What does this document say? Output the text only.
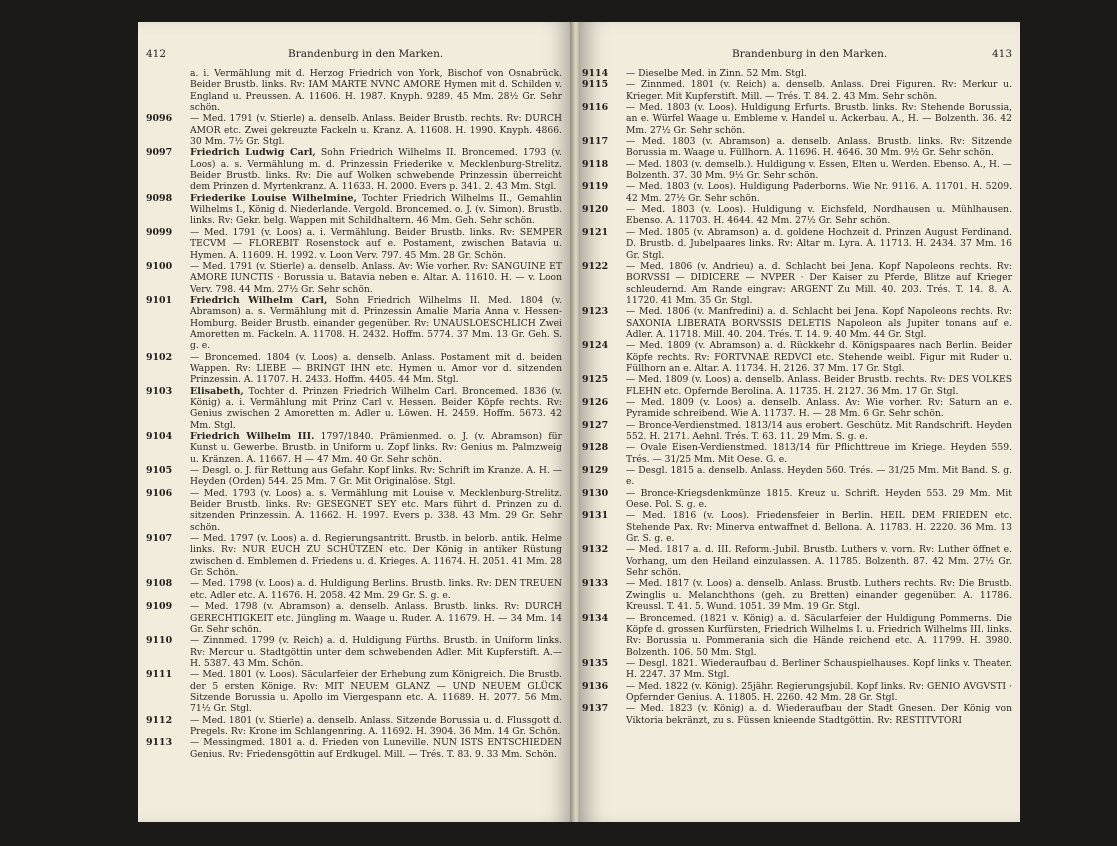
412	Brandenburg in den Marken.
a. i. Vermählung mit d. Herzog Friedrich von York, Bischof von Osnabrück. Beider Brustb. links. Rv: IAM MARTE NVNC AMORE Hymen mit d. Schilden v. England u. Preussen. A. 11606. H. 1987. Knyph. 9289. 45 Mm. 28½ Gr. Sehr schön.
9096 — Med. 1791 (v. Stierle) a. denselb. Anlass. Beider Brustb. rechts. Rv: DURCH AMOR etc. Zwei gekreuzte Fackeln u. Kranz. A. 11608. H. 1990. Knyph. 4866. 30 Mm. 7½ Gr. Stgl.
9097 Friedrich Ludwig Carl, Sohn Friedrich Wilhelms II. Broncemed. 1793 (v. Loos) a. s. Vermählung m. d. Prinzessin Friederike v. Mecklenburg-Strelitz. Beider Brustb. links. Rv: Die auf Wolken schwebende Prinzessin überreicht dem Prinzen d. Myrtenkranz. A. 11633. H. 2000. Evers p. 341. 2. 43 Mm. Stgl.
9098 Friederike Louise Wilhelmine, Tochter Friedrich Wilhelms II., Gemahlin Wilhelms I., König d. Niederlande. Vergold. Broncemed. o. J. (v. Simon). Brustb. links. Rv: Gekr. belg. Wappen mit Schildhaltern. 46 Mm. Geh. Sehr schön.
9099 — Med. 1791 (v. Loos) a. i. Vermählung. Beider Brustb. links. Rv: SEMPER TECVM — FLOREBIT Rosenstock auf e. Postament, zwischen Batavia u. Hymen. A. 11609. H. 1992. v. Loon Verv. 797. 45 Mm. 28 Gr. Schön.
9100 — Med. 1791 (v. Stierle) a. denselb. Anlass. Av: Wie vorher. Rv: SANGUINE ET AMORE IUNCTIS · Borussia u. Batavia neben e. Altar. A. 11610. H. — v. Loon Verv. 798. 44 Mm. 27½ Gr. Sehr schön.
9101 Friedrich Wilhelm Carl, Sohn Friedrich Wilhelms II. Med. 1804 (v. Abramson) a. s. Vermählung mit d. Prinzessin Amalie Maria Anna v. Hessen-Homburg. Beider Brustb. einander gegenüber. Rv: UNAUSLOESCHLICH Zwei Amoretten m. Fackeln. A. 11708. H. 2432. Hoffm. 5774. 37 Mm. 13 Gr. Geh. S. g. e.
9102 — Broncemed. 1804 (v. Loos) a. denselb. Anlass. Postament mit d. beiden Wappen. Rv: LIEBE — BRINGT IHN etc. Hymen u. Amor vor d. sitzenden Prinzessin. A. 11707. H. 2433. Hoffm. 4405. 44 Mm. Stgl.
9103 Elisabeth, Tochter d. Prinzen Friedrich Wilhelm Carl. Broncemed. 1836 (v. König) a. i. Vermählung mit Prinz Carl v. Hessen. Beider Köpfe rechts. Rv: Genius zwischen 2 Amoretten m. Adler u. Löwen. H. 2459. Hoffm. 5673. 42 Mm. Stgl.
9104 Friedrich Wilhelm III. 1797/1840. Prämienmed. o. J. (v. Abramson) für Kunst u. Gewerbe. Brustb. in Uniform u. Zopf links. Rv: Genius m. Palmzweig u. Kränzen. A. 11667. H — 47 Mm. 40 Gr. Sehr schön.
9105 — Desgl. o. J. für Rettung aus Gefahr. Kopf links. Rv: Schrift im Kranze. A. H. — Heyden (Orden) 544. 25 Mm. 7 Gr. Mit Originalöse. Stgl.
9106 — Med. 1793 (v. Loos) a. s. Vermählung mit Louise v. Mecklenburg-Strelitz. Beider Brustb. links. Rv: GESEGNET SEY etc. Mars führt d. Prinzen zu d. sitzenden Prinzessin. A. 11662. H. 1997. Evers p. 338. 43 Mm. 29 Gr. Sehr schön.
9107 — Med. 1797 (v. Loos) a. d. Regierungsantritt. Brustb. in belorb. antik. Helme links. Rv: NUR EUCH ZU SCHÜTZEN etc. Der König in antiker Rüstung zwischen d. Emblemen d. Friedens u. d. Krieges. A. 11674. H. 2051. 41 Mm. 28 Gr. Schön.
9108 — Med. 1798 (v. Loos) a. d. Huldigung Berlins. Brustb. links. Rv: DEN TREUEN etc. Adler etc. A. 11676. H. 2058. 42 Mm. 29 Gr. S. g. e.
9109 — Med. 1798 (v. Abramson) a. denselb. Anlass. Brustb. links. Rv: DURCH GERECHTIGKEIT etc. Jüngling m. Waage u. Ruder. A. 11679. H. — 34 Mm. 14 Gr. Sehr schön.
9110 — Zinnmed. 1799 (v. Reich) a. d. Huldigung Fürths. Brustb. in Uniform links. Rv: Mercur u. Stadtgöttin unter dem schwebenden Adler. Mit Kupferstift. A.— H. 5387. 43 Mm. Schön.
9111 — Med. 1801 (v. Loos). Säcularfeier der Erhebung zum Königreich. Die Brustb. der 5 ersten Könige. Rv: MIT NEUEM GLANZ — UND NEUEM GLÜCK Sitzende Borussia u. Apollo im Viergespann etc. A. 11689. H. 2077. 56 Mm. 71½ Gr. Stgl.
9112 — Med. 1801 (v. Stierle) a. denselb. Anlass. Sitzende Borussia u. d. Flussgott d. Pregels. Rv: Krone im Schlangenring. A. 11692. H. 3904. 36 Mm. 14 Gr. Schön.
9113 — Messingmed. 1801 a. d. Frieden von Luneville. NUN ISTS ENTSCHIEDEN Genius. Rv: Friedensgöttin auf Erdkugel. Mill. — Trés. T. 83. 9. 33 Mm. Schön.
Brandenburg in den Marken.	413
9114 — Dieselbe Med. in Zinn. 52 Mm. Stgl.
9115 — Zinnmed. 1801 (v. Reich) a. denselb. Anlass. Drei Figuren. Rv: Merkur u. Krieger. Mit Kupferstift. Mill. — Trés. T. 84. 2. 43 Mm. Sehr schön.
9116 — Med. 1803 (v. Loos). Huldigung Erfurts. Brustb. links. Rv: Stehende Borussia, an e. Würfel Waage u. Embleme v. Handel u. Ackerbau. A., H. — Bolzenth. 36. 42 Mm. 27½ Gr. Sehr schön.
9117 — Med. 1803 (v. Abramson) a. denselb. Anlass. Brustb. links. Rv: Sitzende Borussia m. Waage u. Füllhorn. A. 11696. H. 4646. 30 Mm. 9½ Gr. Sehr schön.
9118 — Med. 1803 (v. demselb.). Huldigung v. Essen, Elten u. Werden. Ebenso. A., H. — Bolzenth. 37. 30 Mm. 9½ Gr. Sehr schön.
9119 — Med. 1803 (v. Loos). Huldigung Paderborns. Wie Nr. 9116. A. 11701. H. 5209. 42 Mm. 27½ Gr. Sehr schön.
9120 — Med. 1803 (v. Loos). Huldigung v. Eichsfeld, Nordhausen u. Mühlhausen. Ebenso. A. 11703. H. 4644. 42 Mm. 27½ Gr. Sehr schön.
9121 — Med. 1805 (v. Abramson) a. d. goldene Hochzeit d. Prinzen August Ferdinand. D. Brustb. d. Jubelpaares links. Rv: Altar m. Lyra. A. 11713. H. 2434. 37 Mm. 16 Gr. Stgl.
9122 — Med. 1806 (v. Andrieu) a. d. Schlacht bei Jena. Kopf Napoleons rechts. Rv: BORVSSI — DIDICERE — NVPER · Der Kaiser zu Pferde, Blitze auf Krieger schleudernd. Am Rande eingrav: ARGENT Zu Mill. 40. 203. Trés. T. 14. 8. A. 11720. 41 Mm. 35 Gr. Stgl.
9123 — Med. 1806 (v. Manfredini) a. d. Schlacht bei Jena. Kopf Napoleons rechts. Rv: SAXONIA LIBERATA BORVSSIS DELETIS Napoleon als Jupiter tonans auf e. Adler. A. 11718. Mill. 40. 204. Trés. T. 14. 9. 40 Mm. 44 Gr. Stgl.
9124 — Med. 1809 (v. Abramson) a. d. Rückkehr d. Königspaares nach Berlin. Beider Köpfe rechts. Rv: FORTVNAE REDVCI etc. Stehende weibl. Figur mit Ruder u. Füllhorn an e. Altar. A. 11734. H. 2126. 37 Mm. 17 Gr. Stgl.
9125 — Med. 1809 (v. Loos) a. denselb. Anlass. Beider Brustb. rechts. Rv: DES VOLKES FLEHN etc. Opfernde Berolina. A. 11735. H. 2127. 36 Mm. 17 Gr. Stgl.
9126 — Med. 1809 (v. Loos) a. denselb. Anlass. Av: Wie vorher. Rv: Saturn an e. Pyramide schreibend. Wie A. 11737. H. — 28 Mm. 6 Gr. Sehr schön.
9127 — Bronce-Verdienstmed. 1813/14 aus erobert. Geschütz. Mit Randschrift. Heyden 552. H. 2171. Aehnl. Trés. T. 63. 11. 29 Mm. S. g. e.
9128 — Ovale Eisen-Verdienstmed. 1813/14 für Pflichttreue im Kriege. Heyden 559. Trés. — 31/25 Mm. Mit Oese. G. e.
9129 — Desgl. 1815 a. denselb. Anlass. Heyden 560. Trés. — 31/25 Mm. Mit Band. S. g. e.
9130 — Bronce-Kriegsdenkmünze 1815. Kreuz u. Schrift. Heyden 553. 29 Mm. Mit Oese. Pol. S. g. e.
9131 — Med. 1816 (v. Loos). Friedensfeier in Berlin. HEIL DEM FRIEDEN etc. Stehende Pax. Rv: Minerva entwaffnet d. Bellona. A. 11783. H. 2220. 36 Mm. 13 Gr. S. g. e.
9132 — Med. 1817 a. d. III. Reform.-Jubil. Brustb. Luthers v. vorn. Rv: Luther öffnet e. Vorhang, um den Heiland einzulassen. A. 11785. Bolzenth. 87. 42 Mm. 27½ Gr. Sehr schön.
9133 — Med. 1817 (v. Loos) a. denselb. Anlass. Brustb. Luthers rechts. Rv: Die Brustb. Zwinglis u. Melanchthons (geh. zu Bretten) einander gegenüber. A. 11786. Kreussl. T. 41. 5. Wund. 1051. 39 Mm. 19 Gr. Stgl.
9134 — Broncemed. (1821 v. König) a. d. Säcularfeier der Huldigung Pommerns. Die Köpfe d. grossen Kurfürsten, Friedrich Wilhelms I. u. Friedrich Wilhelms III. links. Rv: Borussia u. Pommerania sich die Hände reichend etc. A. 11799. H. 3980. Bolzenth. 106. 50 Mm. Stgl.
9135 — Desgl. 1821. Wiederaufbau d. Berliner Schauspielhauses. Kopf links v. Theater. H. 2247. 37 Mm. Stgl.
9136 — Med. 1822 (v. König). 25jähr. Regierungsjubil. Kopf links. Rv: GENIO AVGVSTI · Opfernder Genius. A. 11805. H. 2260. 42 Mm. 28 Gr. Stgl.
9137 — Med. 1823 (v. König) a. d. Wiederaufbau der Stadt Gnesen. Der König von Viktoria bekränzt, zu s. Füssen knieende Stadtgöttin. Rv: RESTITVTORI
